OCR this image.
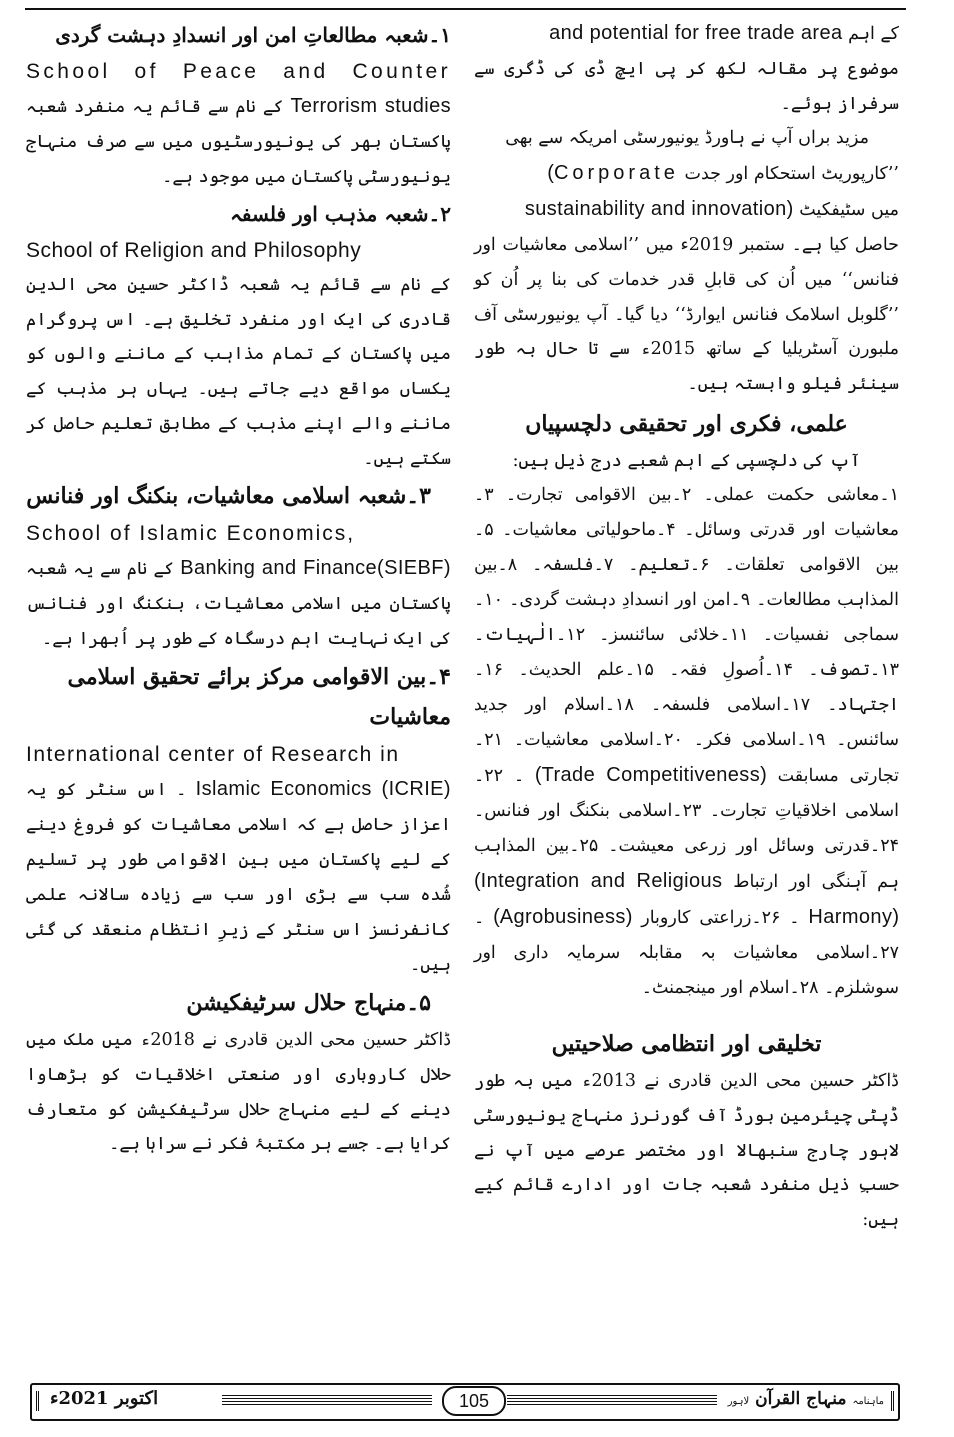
کے اہم and potential for free trade area

موضوع پر مقالہ لکھ کر پی ایچ ڈی کی ڈگری سے سرفراز ہوئے۔

مزید براں آپ نے ہاورڈ یونیورسٹی امریکہ سے بھی

’’کارپوریٹ استحکام اور جدت (Corporate

میں سٹیفکیٹ sustainability and innovation)

حاصل کیا ہے۔ ستمبر 2019ء میں ’’اسلامی معاشیات اور فنانس‘‘ میں اُن کی قابلِ قدر خدمات کی بنا پر اُن کو ’’گلوبل اسلامک فنانس ایوارڈ‘‘ دیا گیا۔ آپ یونیورسٹی آف ملبورن آسٹریلیا کے ساتھ 2015ء سے تا حال بہ طور سینئر فیلو وابستہ ہیں۔

علمی، فکری اور تحقیقی دلچسپیاں

آپ کی دلچسپی کے اہم شعبے درج ذیل ہیں:

۱۔معاشی حکمت عملی۔ ۲۔بین الاقوامی تجارت۔ ۳۔معاشیات اور قدرتی وسائل۔ ۴۔ماحولیاتی معاشیات۔ ۵۔بین الاقوامی تعلقات۔ ۶۔تعلیم۔ ۷۔فلسفہ۔ ۸۔بین المذاہب مطالعات۔ ۹۔امن اور انسدادِ دہشت گردی۔ ۱۰۔سماجی نفسیات۔ ۱۱۔خلائی سائنسز۔ ۱۲۔الٰہیات۔ ۱۳۔تصوف۔ ۱۴۔اُصولِ فقہ۔ ۱۵۔علم الحدیث۔ ۱۶۔اجتہاد۔ ۱۷۔اسلامی فلسفہ۔ ۱۸۔اسلام اور جدید سائنس۔ ۱۹۔اسلامی فکر۔ ۲۰۔اسلامی معاشیات۔ ۲۱۔تجارتی مسابقت (Trade Competitiveness) ۔ ۲۲۔اسلامی اخلاقیاتِ تجارت۔ ۲۳۔اسلامی بنکنگ اور فنانس۔ ۲۴۔قدرتی وسائل اور زرعی معیشت۔ ۲۵۔بین المذاہب ہم آہنگی اور ارتباط (Integration and Religious Harmony) ۔ ۲۶۔زراعتی کاروبار (Agrobusiness) ۔ ۲۷۔اسلامی معاشیات بہ مقابلہ سرمایہ داری اور سوشلزم۔ ۲۸۔اسلام اور مینجمنٹ۔

تخلیقی اور انتظامی صلاحیتیں

ڈاکٹر حسین محی الدین قادری نے 2013ء میں بہ طور ڈپٹی چیئرمین بورڈ آف گورنرز منہاج یونیورسٹی لاہور چارج سنبھالا اور مختصر عرصے میں آپ نے حسبِ ذیل منفرد شعبہ جات اور ادارے قائم کیے ہیں:

۱۔شعبہ مطالعاتِ امن اور انسدادِ دہشت گردی

School of Peace and Counter

Terrorism studies کے نام سے قائم یہ منفرد شعبہ پاکستان بھر کی یونیورسٹیوں میں سے صرف منہاج یونیورسٹی پاکستان میں موجود ہے۔

۲۔شعبہ مذہب اور فلسفہ

School of Religion and Philosophy

کے نام سے قائم یہ شعبہ ڈاکٹر حسین محی الدین قادری کی ایک اور منفرد تخلیق ہے۔ اس پروگرام میں پاکستان کے تمام مذاہب کے ماننے والوں کو یکساں مواقع دیے جاتے ہیں۔ یہاں ہر مذہب کے ماننے والے اپنے مذہب کے مطابق تعلیم حاصل کر سکتے ہیں۔

۳۔شعبہ اسلامی معاشیات، بنکنگ اور فنانس

School of Islamic Economics,

Banking and Finance(SIEBF) کے نام سے یہ شعبہ پاکستان میں اسلامی معاشیات، بنکنگ اور فنانس کی ایک نہایت اہم درسگاہ کے طور پر اُبھرا ہے۔

۴۔بین الاقوامی مرکز برائے تحقیق اسلامی معاشیات

International center of Research in

Islamic Economics (ICRIE) ۔ اس سنٹر کو یہ اعزاز حاصل ہے کہ اسلامی معاشیات کو فروغ دینے کے لیے پاکستان میں بین الاقوامی طور پر تسلیم شُدہ سب سے بڑی اور سب سے زیادہ سالانہ علمی کانفرنسز اس سنٹر کے زیرِ انتظام منعقد کی گئی ہیں۔

۵۔منہاج حلال سرٹیفکیشن

ڈاکٹر حسین محی الدین قادری نے 2018ء میں ملک میں حلال کاروباری اور صنعتی اخلاقیات کو بڑھاوا دینے کے لیے منہاج حلال سرٹیفکیشن کو متعارف کرایا ہے۔ جسے ہر مکتبۂ فکر نے سراہا ہے۔

اکتوبر 2021ء	105	ماہنامہ منہاج القرآن لاہور
